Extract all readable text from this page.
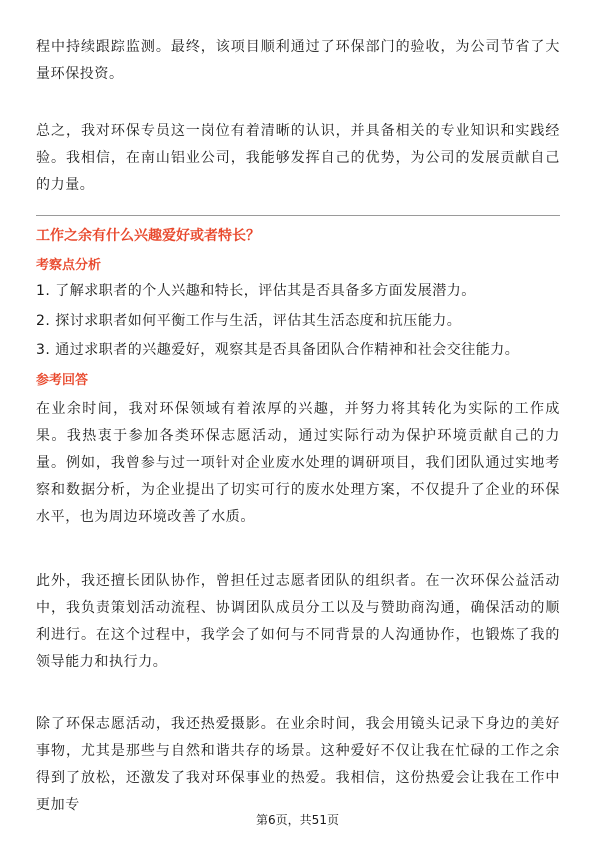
程中持续跟踪监测。最终，该项目顺利通过了环保部门的验收，为公司节省了大量环保投资。
总之，我对环保专员这一岗位有着清晰的认识，并具备相关的专业知识和实践经验。我相信，在南山铝业公司，我能够发挥自己的优势，为公司的发展贡献自己的力量。
工作之余有什么兴趣爱好或者特长？
考察点分析
1. 了解求职者的个人兴趣和特长，评估其是否具备多方面发展潜力。
2. 探讨求职者如何平衡工作与生活，评估其生活态度和抗压能力。
3. 通过求职者的兴趣爱好，观察其是否具备团队合作精神和社会交往能力。
参考回答
在业余时间，我对环保领域有着浓厚的兴趣，并努力将其转化为实际的工作成果。我热衷于参加各类环保志愿活动，通过实际行动为保护环境贡献自己的力量。例如，我曾参与过一项针对企业废水处理的调研项目，我们团队通过实地考察和数据分析，为企业提出了切实可行的废水处理方案，不仅提升了企业的环保水平，也为周边环境改善了水质。
此外，我还擅长团队协作，曾担任过志愿者团队的组织者。在一次环保公益活动中，我负责策划活动流程、协调团队成员分工以及与赞助商沟通，确保活动的顺利进行。在这个过程中，我学会了如何与不同背景的人沟通协作，也锻炼了我的领导能力和执行力。
除了环保志愿活动，我还热爱摄影。在业余时间，我会用镜头记录下身边的美好事物，尤其是那些与自然和谐共存的场景。这种爱好不仅让我在忙碌的工作之余得到了放松，还激发了我对环保事业的热爱。我相信，这份热爱会让我在工作中更加专
第6页，共51页
